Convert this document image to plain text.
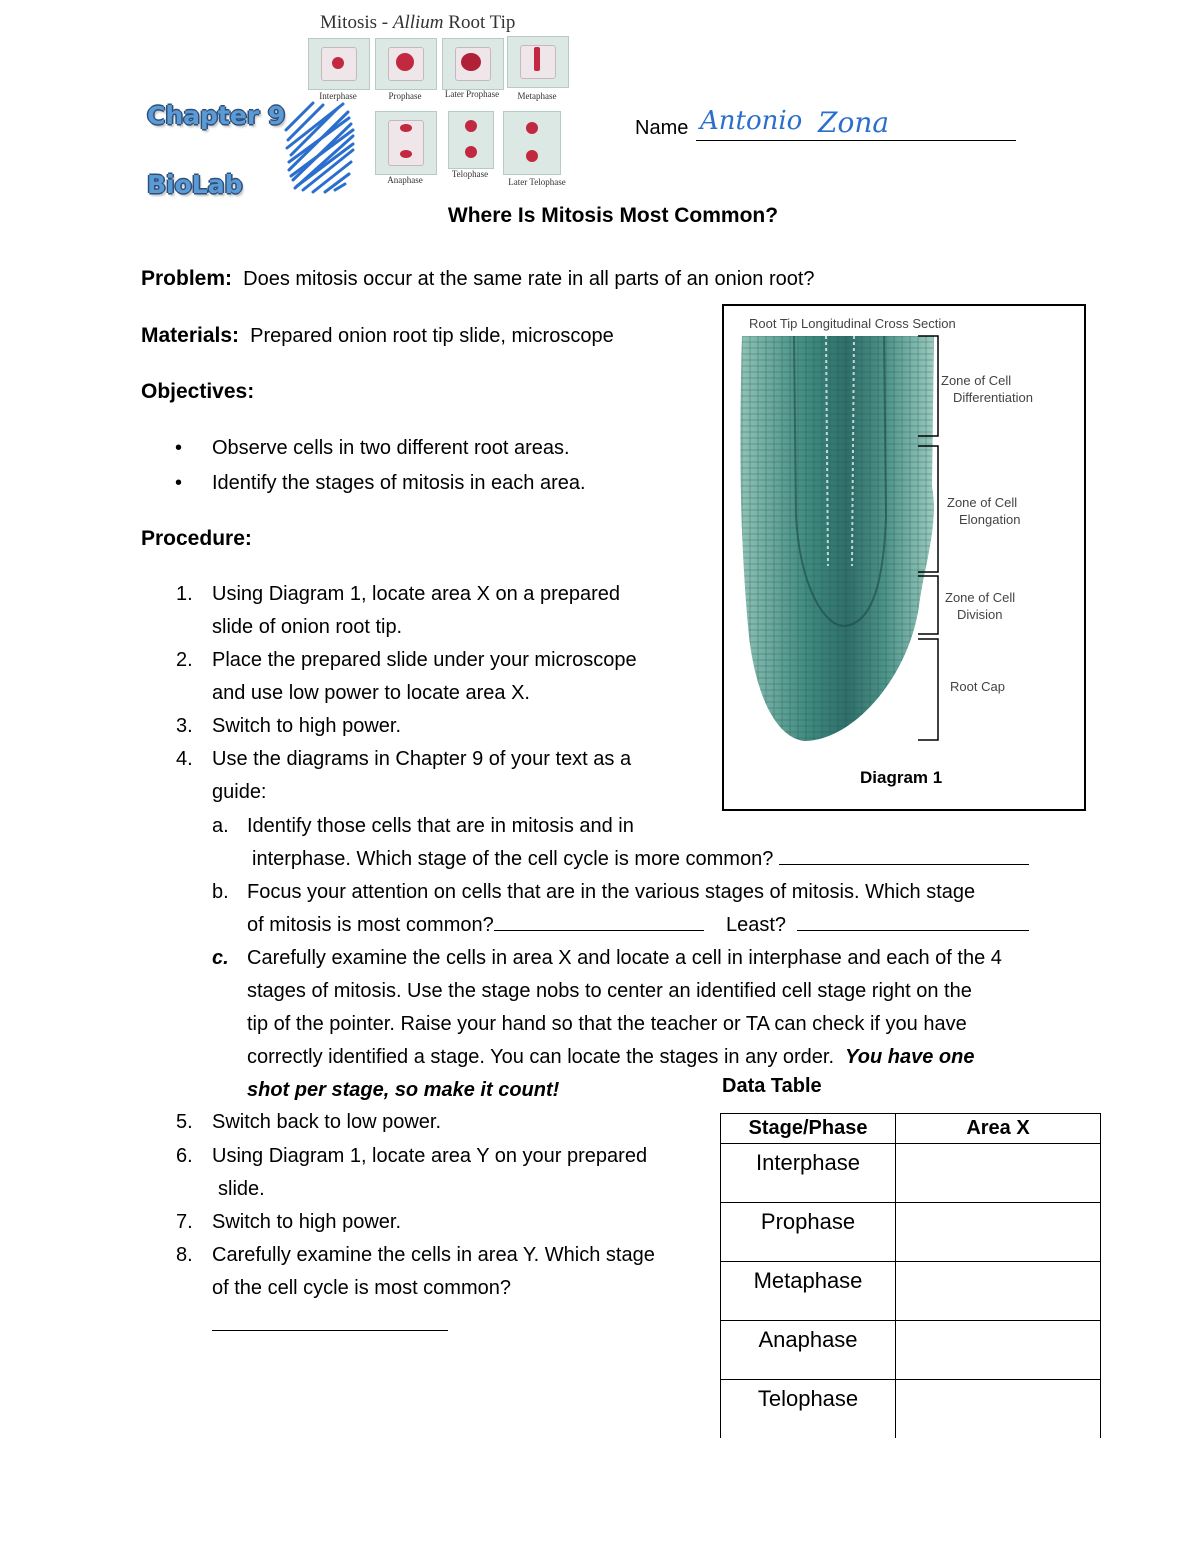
Chapter 9
BioLab
Mitosis - Allium Root Tip
Interphase	Prophase	Later Prophase	Metaphase
Anaphase
Telophase
Later Telophase
Name Antonio Zona
Where Is Mitosis Most Common?
Problem: Does mitosis occur at the same rate in all parts of an onion root?
Materials: Prepared onion root tip slide, microscope
Objectives:
• Observe cells in two different root areas.
• Identify the stages of mitosis in each area.
Procedure:
1. Using Diagram 1, locate area X on a prepared
slide of onion root tip.
2. Place the prepared slide under your microscope
and use low power to locate area X.
3. Switch to high power.
4. Use the diagrams in Chapter 9 of your text as a
guide:
a. Identify those cells that are in mitosis and in
interphase. Which stage of the cell cycle is more common?
b. Focus your attention on cells that are in the various stages of mitosis. Which stage
of mitosis is most common?	Least?
c. Carefully examine the cells in area X and locate a cell in interphase and each of the 4
stages of mitosis. Use the stage nobs to center an identified cell stage right on the
tip of the pointer. Raise your hand so that the teacher or TA can check if you have
correctly identified a stage. You can locate the stages in any order. You have one
shot per stage, so make it count!
5. Switch back to low power.
6. Using Diagram 1, locate area Y on your prepared
slide.
7. Switch to high power.
8. Carefully examine the cells in area Y. Which stage
of the cell cycle is most common?
Root Tip Longitudinal Cross Section
Zone of Cell
Differentiation
Zone of Cell
Elongation
Zone of Cell
Division
Root Cap
Diagram 1
Data Table
Stage/Phase	Area X
Interphase	
Prophase	
Metaphase	
Anaphase	
Telophase	
